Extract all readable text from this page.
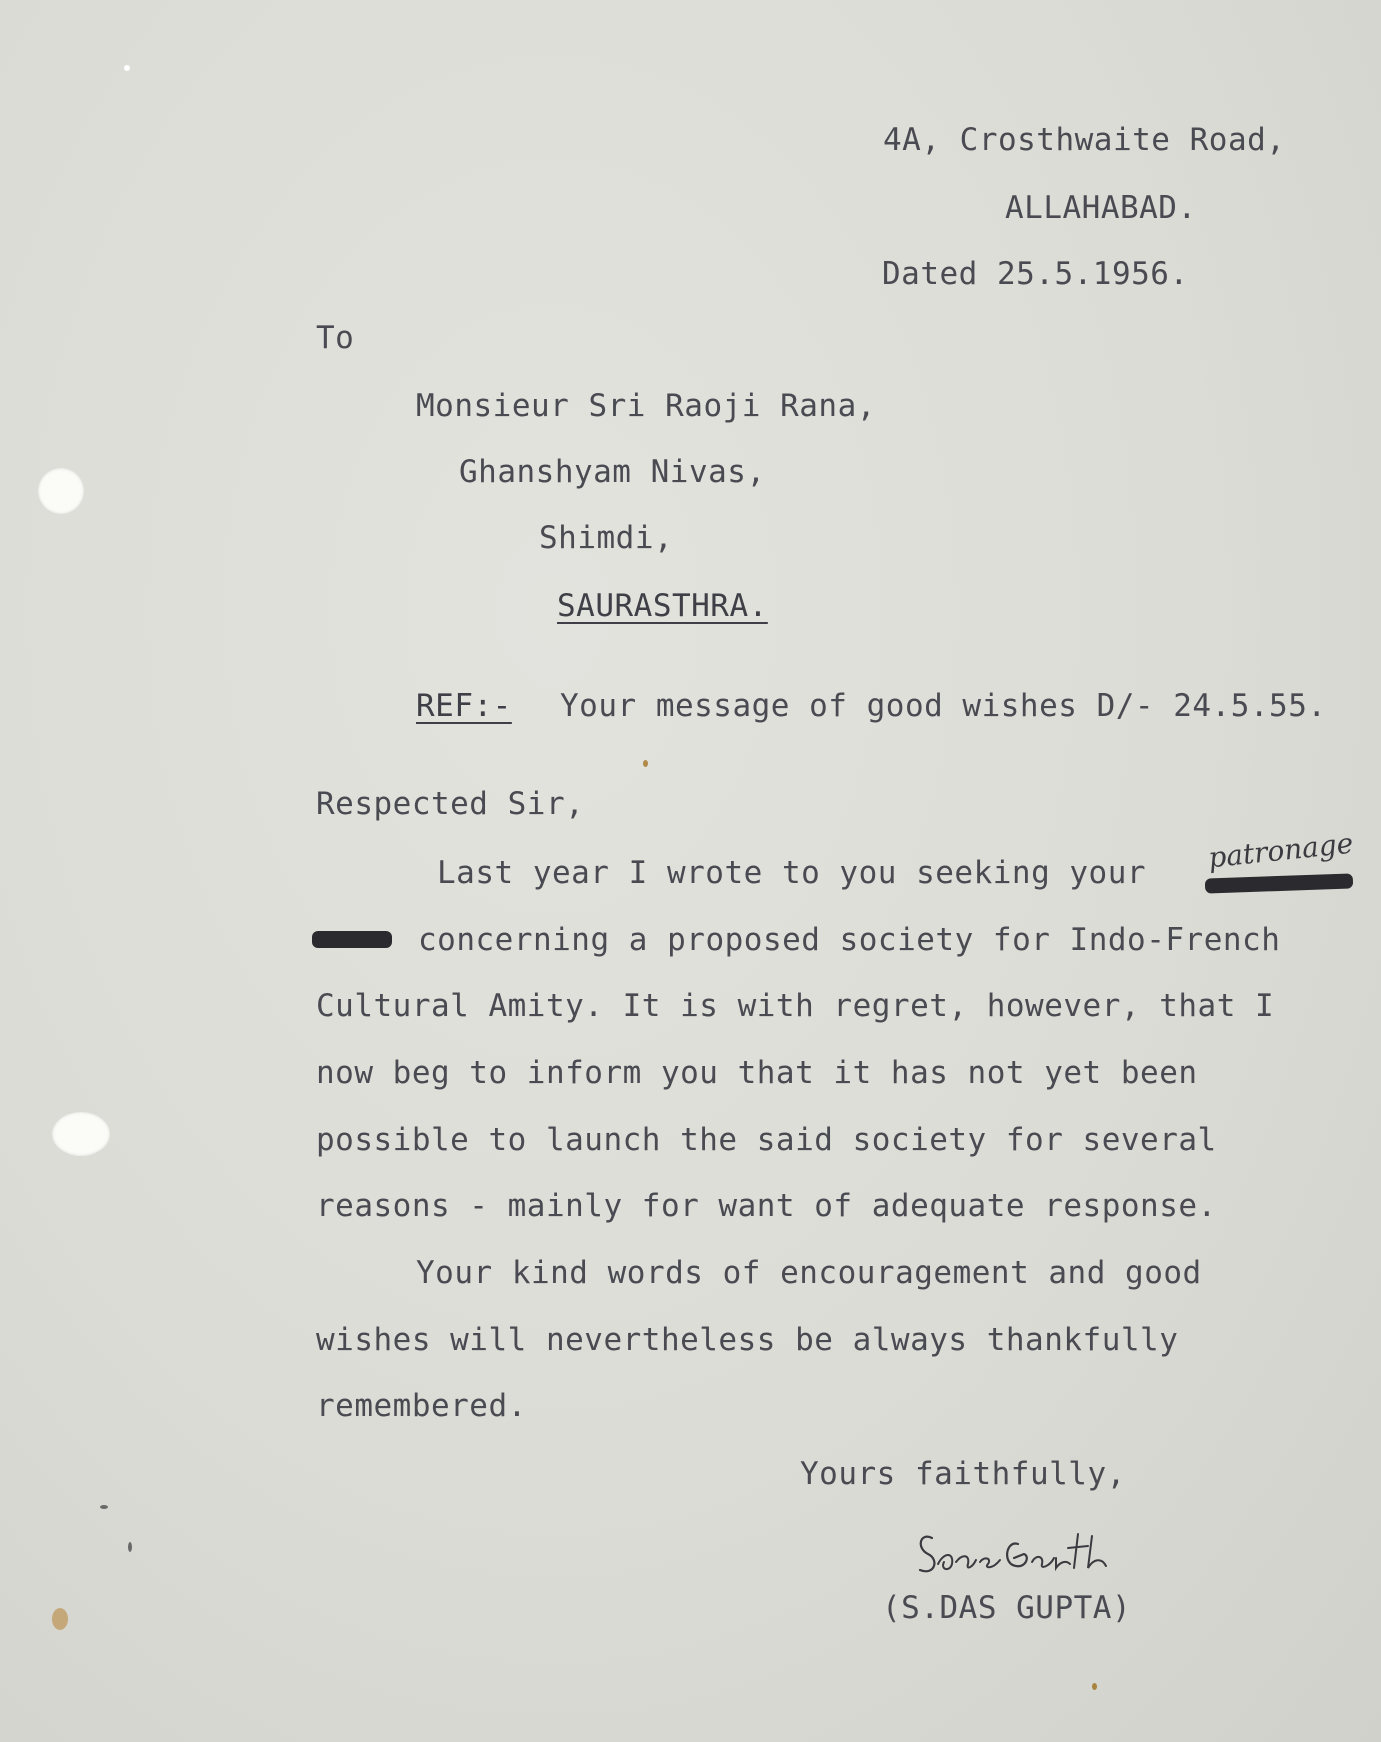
4A, Crosthwaite Road,
ALLAHABAD.
Dated 25.5.1956.
To
Monsieur Sri Raoji Rana,
Ghanshyam Nivas,
Shimdi,
SAURASTHRA.
REF:- Your message of good wishes D/- 24.5.55.
Respected Sir,
Last year I wrote to you seeking your patronage
concerning a proposed society for Indo-French
Cultural Amity. It is with regret, however, that I
now beg to inform you that it has not yet been
possible to launch the said society for several
reasons - mainly for want of adequate response.
Your kind words of encouragement and good
wishes will nevertheless be always thankfully
remembered.
Yours faithfully,
(S.DAS GUPTA)
